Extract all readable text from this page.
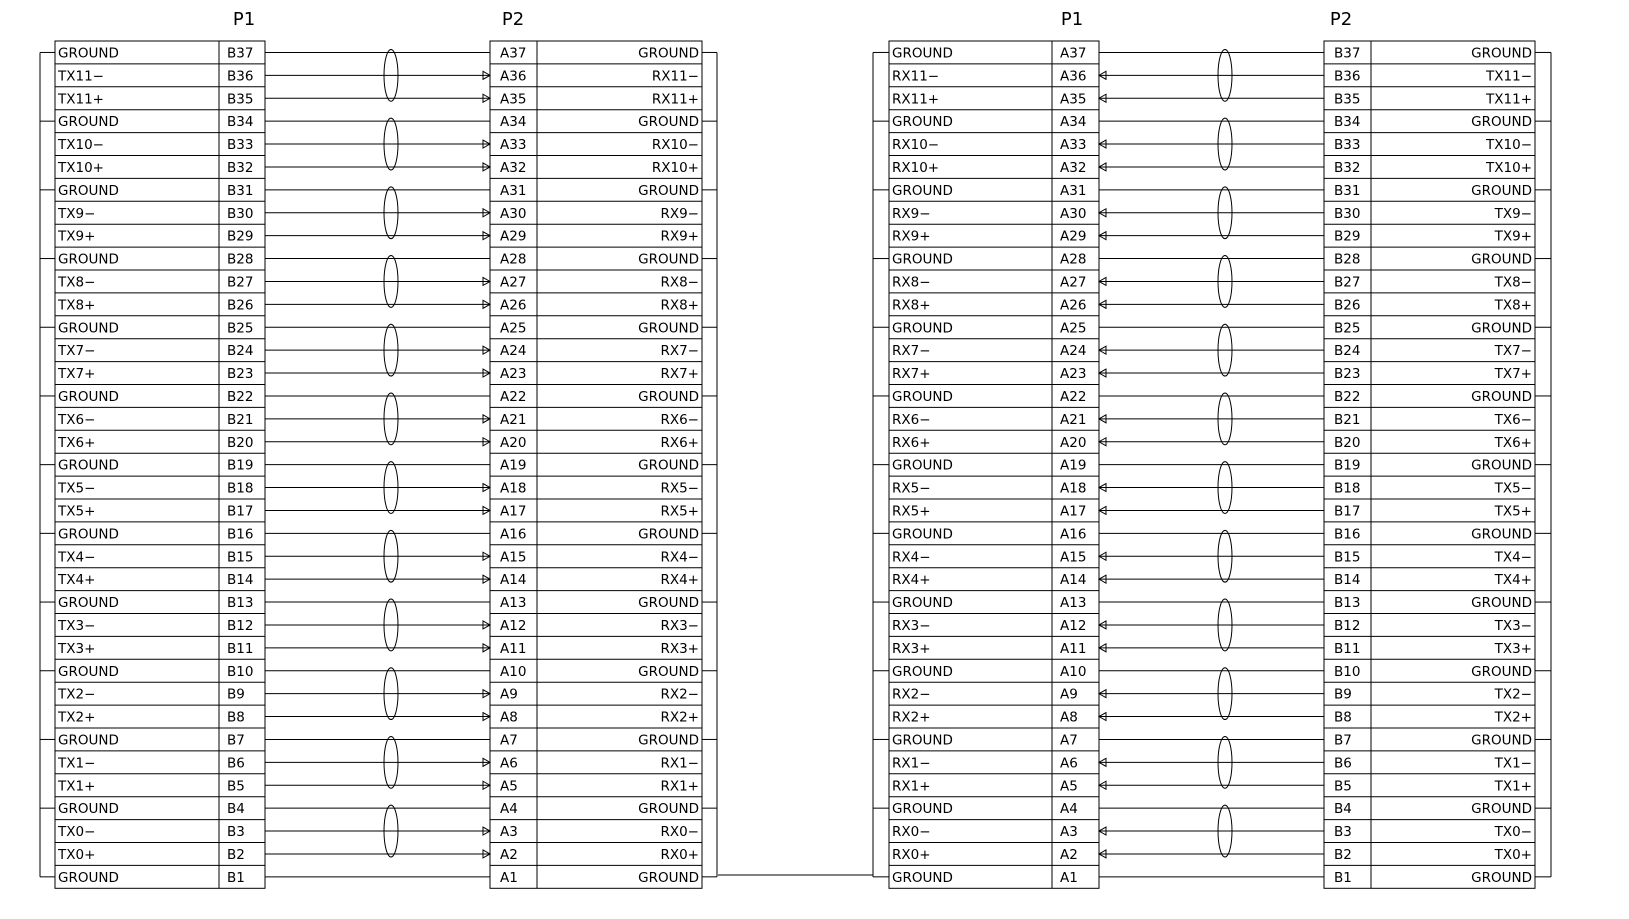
P1	P2
GROUND	B37	A37	GROUND
TX11−	B36	A36	RX11−
TX11+	B35	A35	RX11+
GROUND	B34	A34	GROUND
TX10−	B33	A33	RX10−
TX10+	B32	A32	RX10+
GROUND	B31	A31	GROUND
TX9−	B30	A30	RX9−
TX9+	B29	A29	RX9+
GROUND	B28	A28	GROUND
TX8−	B27	A27	RX8−
TX8+	B26	A26	RX8+
GROUND	B25	A25	GROUND
TX7−	B24	A24	RX7−
TX7+	B23	A23	RX7+
GROUND	B22	A22	GROUND
TX6−	B21	A21	RX6−
TX6+	B20	A20	RX6+
GROUND	B19	A19	GROUND
TX5−	B18	A18	RX5−
TX5+	B17	A17	RX5+
GROUND	B16	A16	GROUND
TX4−	B15	A15	RX4−
TX4+	B14	A14	RX4+
GROUND	B13	A13	GROUND
TX3−	B12	A12	RX3−
TX3+	B11	A11	RX3+
GROUND	B10	A10	GROUND
TX2−	B9	A9	RX2−
TX2+	B8	A8	RX2+
GROUND	B7	A7	GROUND
TX1−	B6	A6	RX1−
TX1+	B5	A5	RX1+
GROUND	B4	A4	GROUND
TX0−	B3	A3	RX0−
TX0+	B2	A2	RX0+
GROUND	B1	A1	GROUND
P1	P2
GROUND	A37	B37	GROUND
RX11−	A36	B36	TX11−
RX11+	A35	B35	TX11+
GROUND	A34	B34	GROUND
RX10−	A33	B33	TX10−
RX10+	A32	B32	TX10+
GROUND	A31	B31	GROUND
RX9−	A30	B30	TX9−
RX9+	A29	B29	TX9+
GROUND	A28	B28	GROUND
RX8−	A27	B27	TX8−
RX8+	A26	B26	TX8+
GROUND	A25	B25	GROUND
RX7−	A24	B24	TX7−
RX7+	A23	B23	TX7+
GROUND	A22	B22	GROUND
RX6−	A21	B21	TX6−
RX6+	A20	B20	TX6+
GROUND	A19	B19	GROUND
RX5−	A18	B18	TX5−
RX5+	A17	B17	TX5+
GROUND	A16	B16	GROUND
RX4−	A15	B15	TX4−
RX4+	A14	B14	TX4+
GROUND	A13	B13	GROUND
RX3−	A12	B12	TX3−
RX3+	A11	B11	TX3+
GROUND	A10	B10	GROUND
RX2−	A9	B9	TX2−
RX2+	A8	B8	TX2+
GROUND	A7	B7	GROUND
RX1−	A6	B6	TX1−
RX1+	A5	B5	TX1+
GROUND	A4	B4	GROUND
RX0−	A3	B3	TX0−
RX0+	A2	B2	TX0+
GROUND	A1	B1	GROUND
